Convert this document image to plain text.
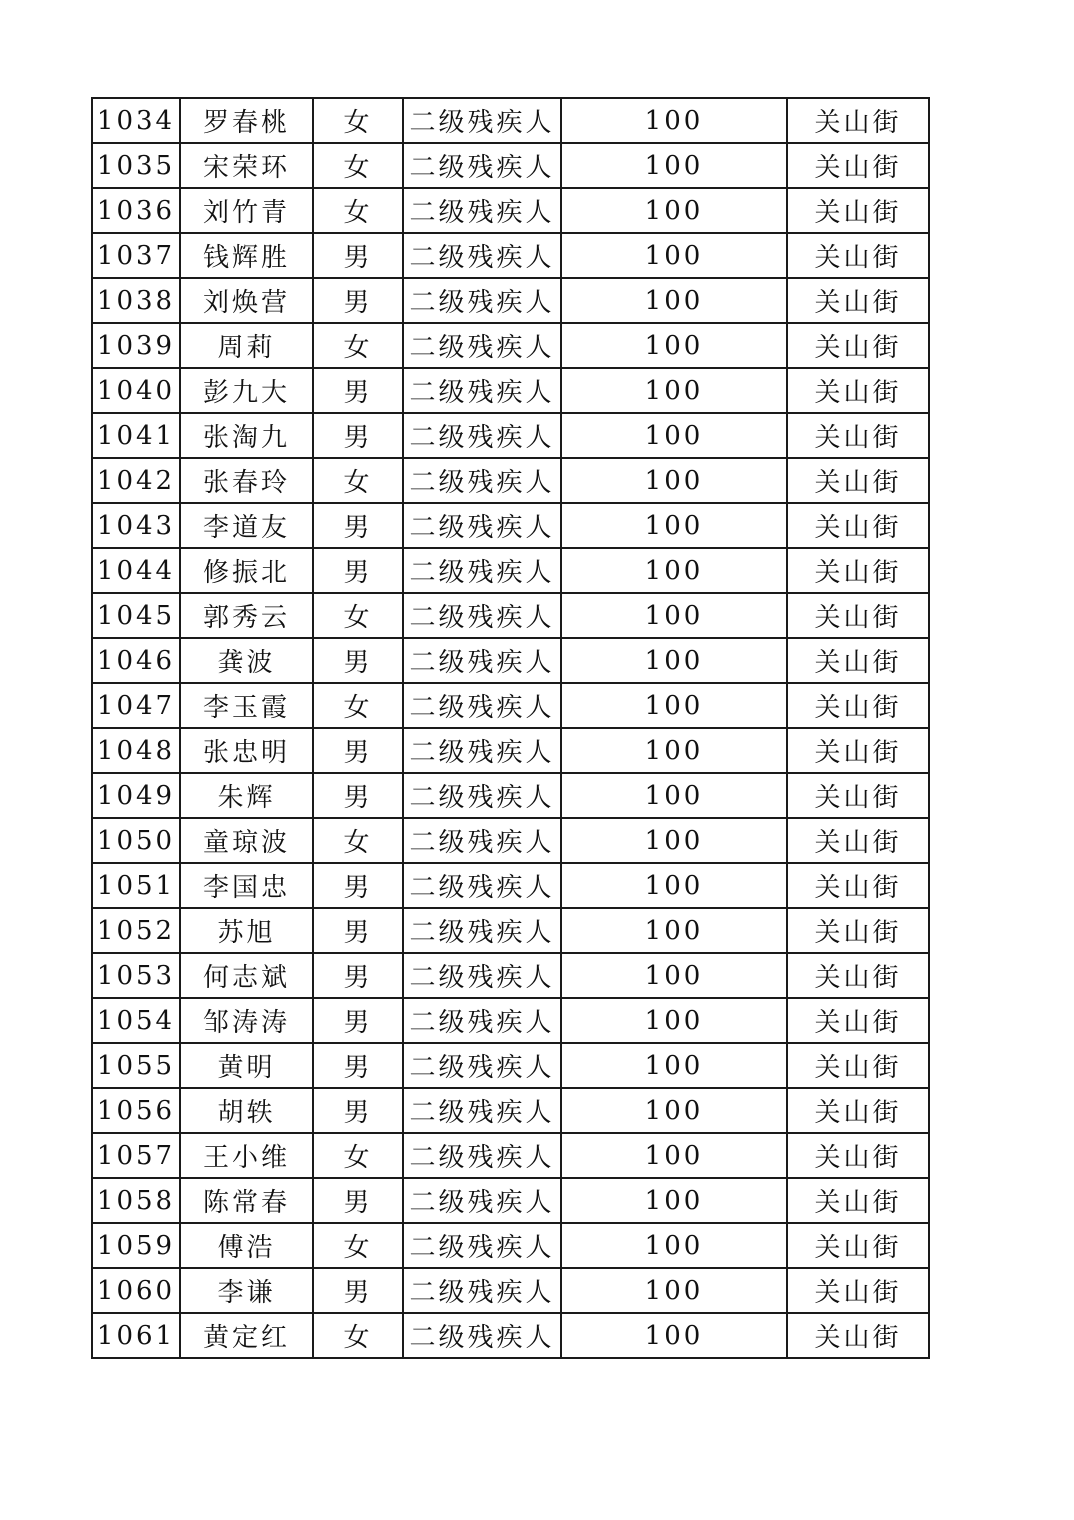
1034	罗春桃	女	二级残疾人	100	关山街
1035	宋荣环	女	二级残疾人	100	关山街
1036	刘竹青	女	二级残疾人	100	关山街
1037	钱辉胜	男	二级残疾人	100	关山街
1038	刘焕营	男	二级残疾人	100	关山街
1039	周莉	女	二级残疾人	100	关山街
1040	彭九大	男	二级残疾人	100	关山街
1041	张淘九	男	二级残疾人	100	关山街
1042	张春玲	女	二级残疾人	100	关山街
1043	李道友	男	二级残疾人	100	关山街
1044	修振北	男	二级残疾人	100	关山街
1045	郭秀云	女	二级残疾人	100	关山街
1046	龚波	男	二级残疾人	100	关山街
1047	李玉霞	女	二级残疾人	100	关山街
1048	张忠明	男	二级残疾人	100	关山街
1049	朱辉	男	二级残疾人	100	关山街
1050	童琼波	女	二级残疾人	100	关山街
1051	李国忠	男	二级残疾人	100	关山街
1052	苏旭	男	二级残疾人	100	关山街
1053	何志斌	男	二级残疾人	100	关山街
1054	邹涛涛	男	二级残疾人	100	关山街
1055	黄明	男	二级残疾人	100	关山街
1056	胡轶	男	二级残疾人	100	关山街
1057	王小维	女	二级残疾人	100	关山街
1058	陈常春	男	二级残疾人	100	关山街
1059	傅浩	女	二级残疾人	100	关山街
1060	李谦	男	二级残疾人	100	关山街
1061	黄定红	女	二级残疾人	100	关山街
